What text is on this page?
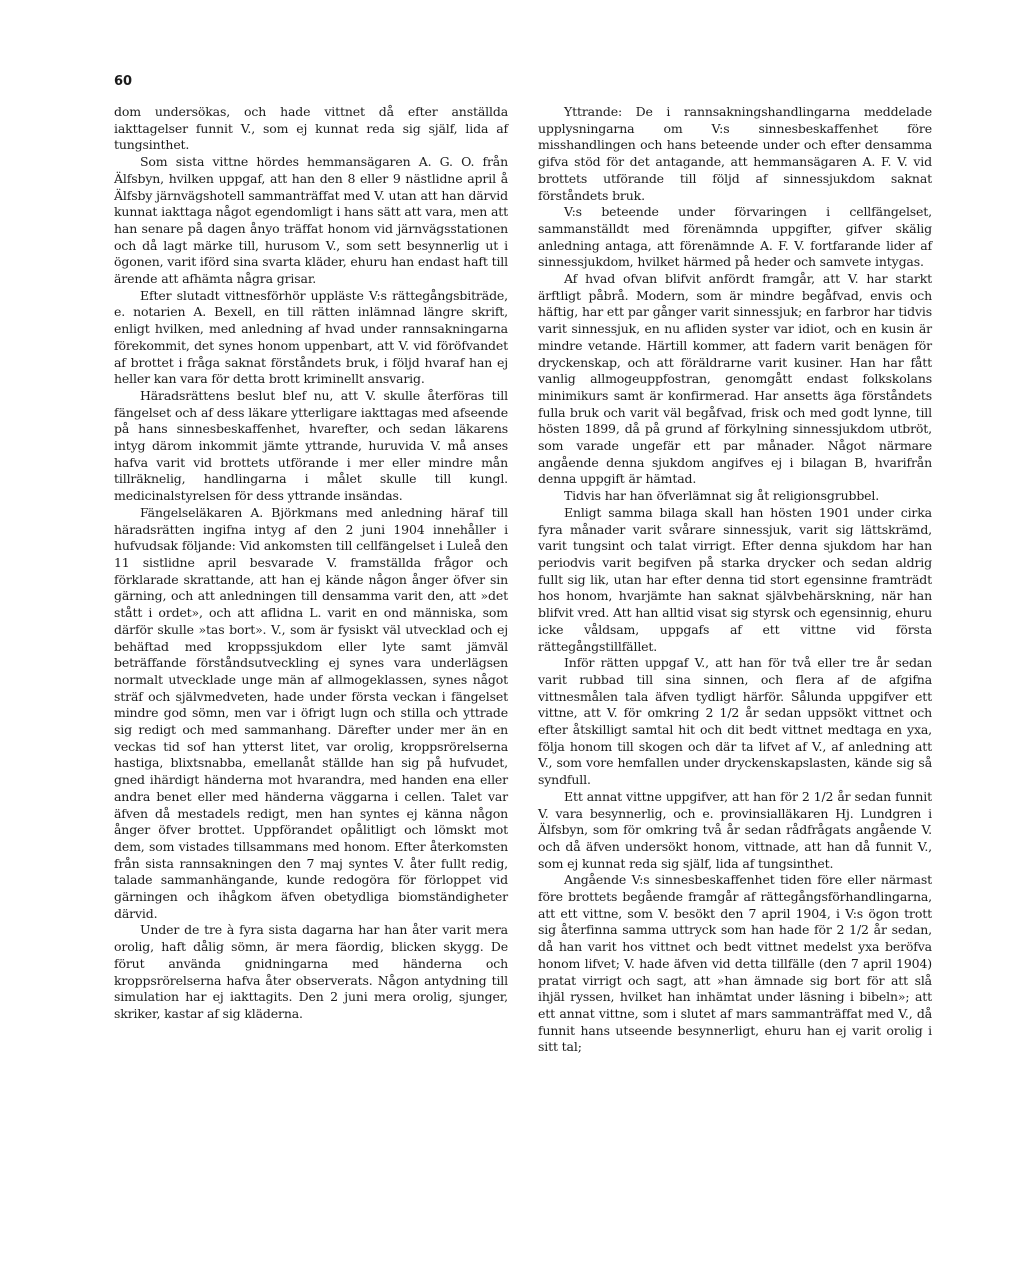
60

dom undersökas, och hade vittnet då efter anställda iakttagelser funnit V., som ej kunnat reda sig själf, lida af tungsinthet.

Som sista vittne hördes hemmansägaren A. G. O. från Älfsbyn, hvilken uppgaf, att han den 8 eller 9 nästlidne april å Älfsby järnvägshotell sammanträffat med V. utan att han därvid kunnat iakttaga något egendomligt i hans sätt att vara, men att han senare på dagen ånyo träffat honom vid järnvägsstationen och då lagt märke till, hurusom V., som sett besynnerlig ut i ögonen, varit iförd sina svarta kläder, ehuru han endast haft till ärende att afhämta några grisar.

Efter slutadt vittnesförhör uppläste V:s rättegångsbiträde, e. notarien A. Bexell, en till rätten inlämnad längre skrift, enligt hvilken, med anledning af hvad under rannsakningarna förekommit, det synes honom uppenbart, att V. vid föröfvandet af brottet i fråga saknat förståndets bruk, i följd hvaraf han ej heller kan vara för detta brott kriminellt ansvarig.

Häradsrättens beslut blef nu, att V. skulle återföras till fängelset och af dess läkare ytterligare iakttagas med afseende på hans sinnesbeskaffenhet, hvarefter, och sedan läkarens intyg därom inkommit jämte yttrande, huruvida V. må anses hafva varit vid brottets utförande i mer eller mindre mån tillräknelig, handlingarna i målet skulle till kungl. medicinalstyrelsen för dess yttrande insändas.

Fängelseläkaren A. Björkmans med anledning häraf till häradsrätten ingifna intyg af den 2 juni 1904 innehåller i hufvudsak följande: Vid ankomsten till cellfängelset i Luleå den 11 sistlidne april besvarade V. framställda frågor och förklarade skrattande, att han ej kände någon ånger öfver sin gärning, och att anledningen till densamma varit den, att »det stått i ordet», och att aflidna L. varit en ond människa, som därför skulle »tas bort». V., som är fysiskt väl utvecklad och ej behäftad med kroppssjukdom eller lyte samt jämväl beträffande förståndsutveckling ej synes vara underlägsen normalt utvecklade unge män af allmogeklassen, synes något sträf och självmedveten, hade under första veckan i fängelset mindre god sömn, men var i öfrigt lugn och stilla och yttrade sig redigt och med sammanhang. Därefter under mer än en veckas tid sof han ytterst litet, var orolig, kroppsrörelserna hastiga, blixtsnabba, emellanåt ställde han sig på hufvudet, gned ihärdigt händerna mot hvarandra, med handen ena eller andra benet eller med händerna väggarna i cellen. Talet var äfven då mestadels redigt, men han syntes ej känna någon ånger öfver brottet. Uppförandet opålitligt och lömskt mot dem, som vistades tillsammans med honom. Efter återkomsten från sista rannsakningen den 7 maj syntes V. åter fullt redig, talade sammanhängande, kunde redogöra för förloppet vid gärningen och ihågkom äfven obetydliga biomständigheter därvid.

Under de tre à fyra sista dagarna har han åter varit mera orolig, haft dålig sömn, är mera fäordig, blicken skygg. De förut använda gnidningarna med händerna och kroppsrörelserna hafva åter observerats. Någon antydning till simulation har ej iakttagits. Den 2 juni mera orolig, sjunger, skriker, kastar af sig kläderna.

Yttrande: De i rannsakningshandlingarna meddelade upplysningarna om V:s sinnesbeskaffenhet före misshandlingen och hans beteende under och efter densamma gifva stöd för det antagande, att hemmansägaren A. F. V. vid brottets utförande till följd af sinnessjukdom saknat förståndets bruk.

V:s beteende under förvaringen i cellfängelset, sammanställdt med förenämnda uppgifter, gifver skälig anledning antaga, att förenämnde A. F. V. fortfarande lider af sinnessjukdom, hvilket härmed på heder och samvete intygas.

Af hvad ofvan blifvit anfördt framgår, att V. har starkt ärftligt påbrå. Modern, som är mindre begåfvad, envis och häftig, har ett par gånger varit sinnessjuk; en farbror har tidvis varit sinnessjuk, en nu afliden syster var idiot, och en kusin är mindre vetande. Härtill kommer, att fadern varit benägen för dryckenskap, och att föräldrarne varit kusiner. Han har fått vanlig allmogeuppfostran, genomgått endast folkskolans minimikurs samt är konfirmerad. Har ansetts äga förståndets fulla bruk och varit väl begåfvad, frisk och med godt lynne, till hösten 1899, då på grund af förkylning sinnessjukdom utbröt, som varade ungefär ett par månader. Något närmare angående denna sjukdom angifves ej i bilagan B, hvarifrån denna uppgift är hämtad.

Tidvis har han öfverlämnat sig åt religionsgrubbel.

Enligt samma bilaga skall han hösten 1901 under cirka fyra månader varit svårare sinnessjuk, varit sig lättskrämd, varit tungsint och talat virrigt. Efter denna sjukdom har han periodvis varit begifven på starka drycker och sedan aldrig fullt sig lik, utan har efter denna tid stort egensinne framträdt hos honom, hvarjämte han saknat självbehärskning, när han blifvit vred. Att han alltid visat sig styrsk och egensinnig, ehuru icke våldsam, uppgafs af ett vittne vid första rättegångstillfället.

Inför rätten uppgaf V., att han för två eller tre år sedan varit rubbad till sina sinnen, och flera af de afgifna vittnesmålen tala äfven tydligt härför. Sålunda uppgifver ett vittne, att V. för omkring 2 1/2 år sedan uppsökt vittnet och efter åtskilligt samtal hit och dit bedt vittnet medtaga en yxa, följa honom till skogen och där ta lifvet af V., af anledning att V., som vore hemfallen under dryckenskapslasten, kände sig så syndfull.

Ett annat vittne uppgifver, att han för 2 1/2 år sedan funnit V. vara besynnerlig, och e. provinsialläkaren Hj. Lundgren i Älfsbyn, som för omkring två år sedan rådfrågats angående V. och då äfven undersökt honom, vittnade, att han då funnit V., som ej kunnat reda sig själf, lida af tungsinthet.

Angående V:s sinnesbeskaffenhet tiden före eller närmast före brottets begående framgår af rättegångsförhandlingarna, att ett vittne, som V. besökt den 7 april 1904, i V:s ögon trott sig återfinna samma uttryck som han hade för 2 1/2 år sedan, då han varit hos vittnet och bedt vittnet medelst yxa beröfva honom lifvet; V. hade äfven vid detta tillfälle (den 7 april 1904) pratat virrigt och sagt, att »han ämnade sig bort för att slå ihjäl ryssen, hvilket han inhämtat under läsning i bibeln»; att ett annat vittne, som i slutet af mars sammanträffat med V., då funnit hans utseende besynnerligt, ehuru han ej varit orolig i sitt tal;
